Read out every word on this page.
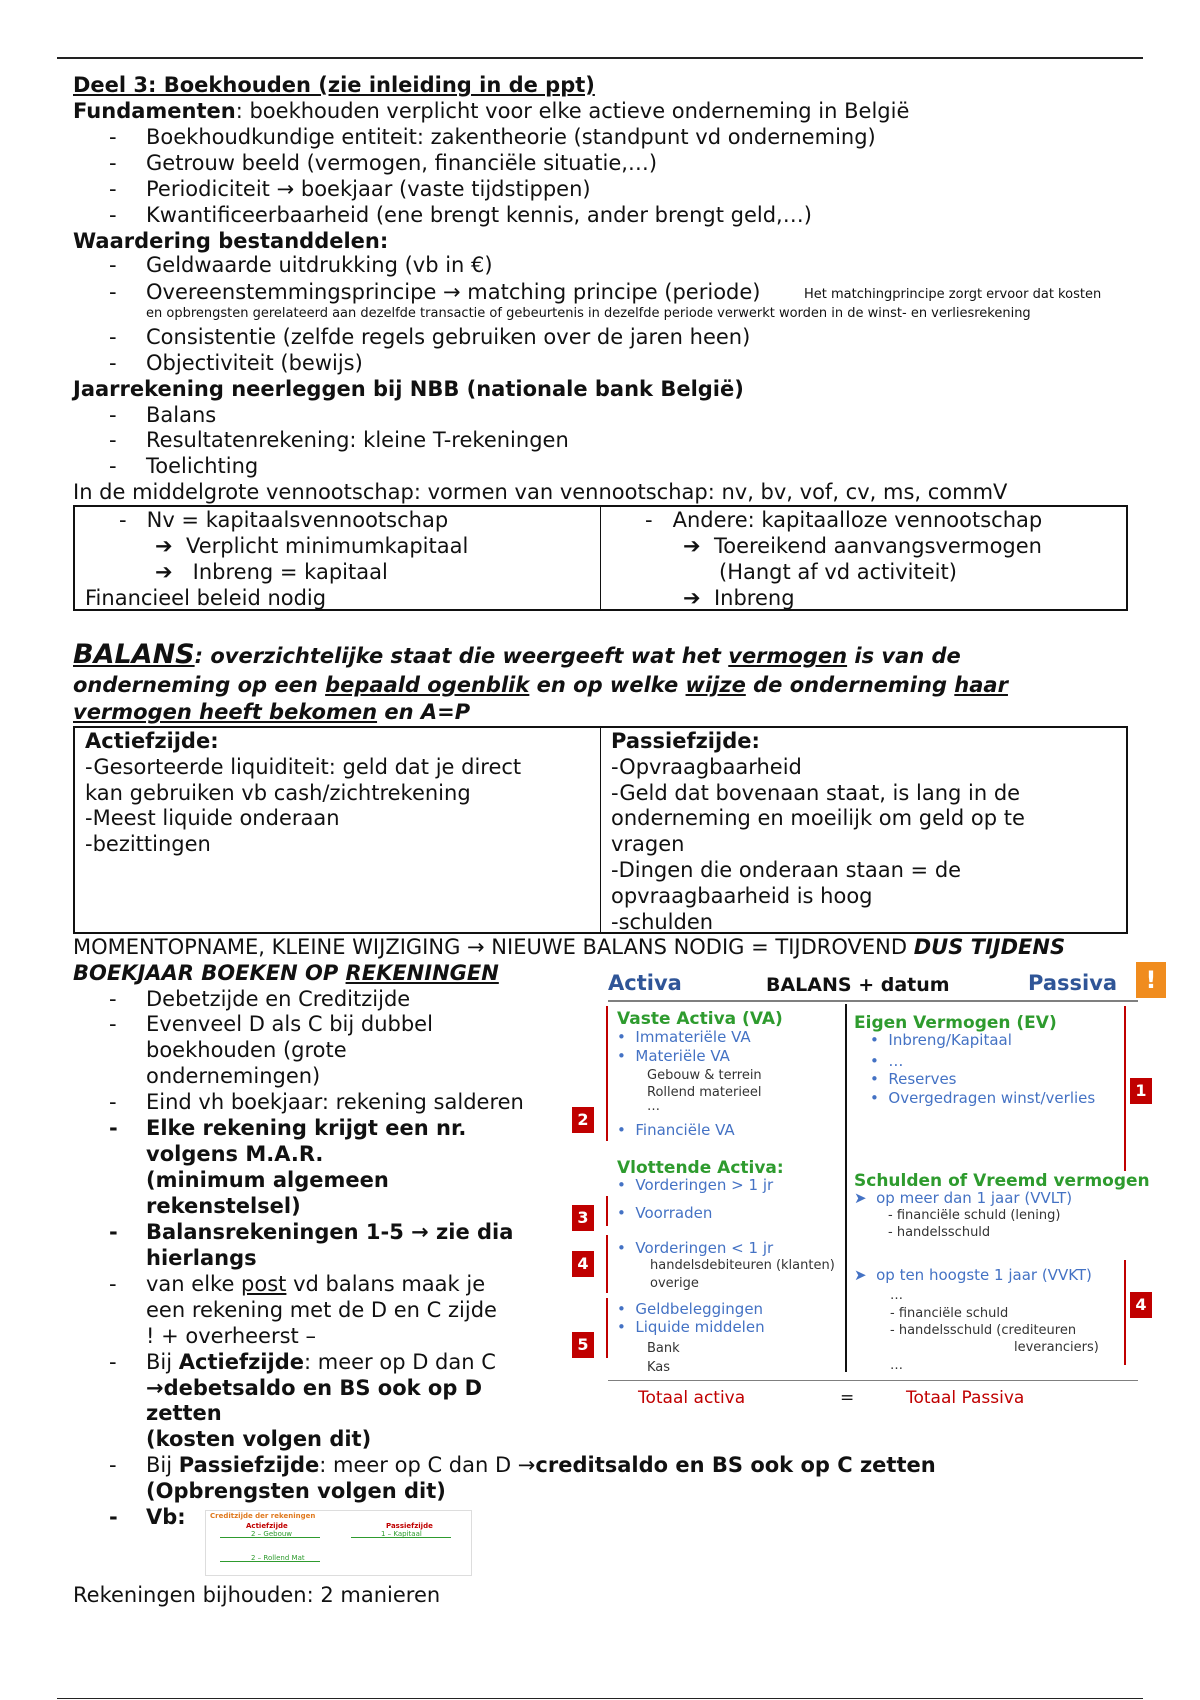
Deel 3: Boekhouden (zie inleiding in de ppt)
Fundamenten: boekhouden verplicht voor elke actieve onderneming in België
- Boekhoudkundige entiteit: zakentheorie (standpunt vd onderneming)
- Getrouw beeld (vermogen, financiële situatie,…)
- Periodiciteit → boekjaar (vaste tijdstippen)
- Kwantificeerbaarheid (ene brengt kennis, ander brengt geld,…)
Waardering bestanddelen:
- Geldwaarde uitdrukking (vb in €)
- Overeenstemmingsprincipe → matching principe (periode)	Het matchingprincipe zorgt ervoor dat kosten
en opbrengsten gerelateerd aan dezelfde transactie of gebeurtenis in dezelfde periode verwerkt worden in de winst- en verliesrekening
- Consistentie (zelfde regels gebruiken over de jaren heen)
- Objectiviteit (bewijs)
Jaarrekening neerleggen bij NBB (nationale bank België)
- Balans
- Resultatenrekening: kleine T-rekeningen
- Toelichting
In de middelgrote vennootschap: vormen van vennootschap: nv, bv, vof, cv, ms, commV
-   Nv = kapitaalsvennootschap
➔ Verplicht minimumkapitaal
➔ Inbreng = kapitaal
Financieel beleid nodig
-   Andere: kapitaalloze vennootschap
➔ Toereikend aanvangsvermogen
(Hangt af vd activiteit)
➔ Inbreng
BALANS: overzichtelijke staat die weergeeft wat het vermogen is van de
onderneming op een bepaald ogenblik en op welke wijze de onderneming haar
vermogen heeft bekomen en A=P
Actiefzijde:
-Gesorteerde liquiditeit: geld dat je direct
kan gebruiken vb cash/zichtrekening
-Meest liquide onderaan
-bezittingen
Passiefzijde:
-Opvraagbaarheid
-Geld dat bovenaan staat, is lang in de
onderneming en moeilijk om geld op te
vragen
-Dingen die onderaan staan = de
opvraagbaarheid is hoog
-schulden
MOMENTOPNAME, KLEINE WIJZIGING → NIEUWE BALANS NODIG = TIJDROVEND DUS TIJDENS
BOEKJAAR BOEKEN OP REKENINGEN
- Debetzijde en Creditzijde
- Evenveel D als C bij dubbel
boekhouden (grote
ondernemingen)
- Eind vh boekjaar: rekening salderen
- Elke rekening krijgt een nr.
volgens M.A.R.
(minimum algemeen
rekenstelsel)
- Balansrekeningen 1-5 → zie dia
hierlangs
- van elke post vd balans maak je
een rekening met de D en C zijde
! + overheerst –
- Bij Actiefzijde: meer op D dan C
→debetsaldo en BS ook op D
zetten
(kosten volgen dit)
- Bij Passiefzijde: meer op C dan D →creditsaldo en BS ook op C zetten
(Opbrengsten volgen dit)
- Vb:	Creditzijde der rekeningen
Actiefzijde	Passiefzijde
2 – Gebouw	1 – Kapitaal
2 – Rollend Mat
Rekeningen bijhouden: 2 manieren
Activa	BALANS + datum	Passiva	!
Vaste Activa (VA)
•  Immateriële VA
•  Materiële VA
Gebouw & terrein
Rollend materieel
…
•  Financiële VA
Vlottende Activa:
•  Vorderingen > 1 jr
•  Voorraden
•  Vorderingen < 1 jr
handelsdebiteuren (klanten)
overige
•  Geldbeleggingen
•  Liquide middelen
Bank
Kas
2
3
4
5
Eigen Vermogen (EV)
•  Inbreng/Kapitaal
•  …
•  Reserves
•  Overgedragen winst/verlies	1
Schulden of Vreemd vermogen
➤  op meer dan 1 jaar (VVLT)
- financiële schuld (lening)
- handelsschuld
➤  op ten hoogste 1 jaar (VVKT)
…
- financiële schuld
- handelsschuld (crediteuren
leveranciers)
…
4
Totaal activa	=	Totaal Passiva
